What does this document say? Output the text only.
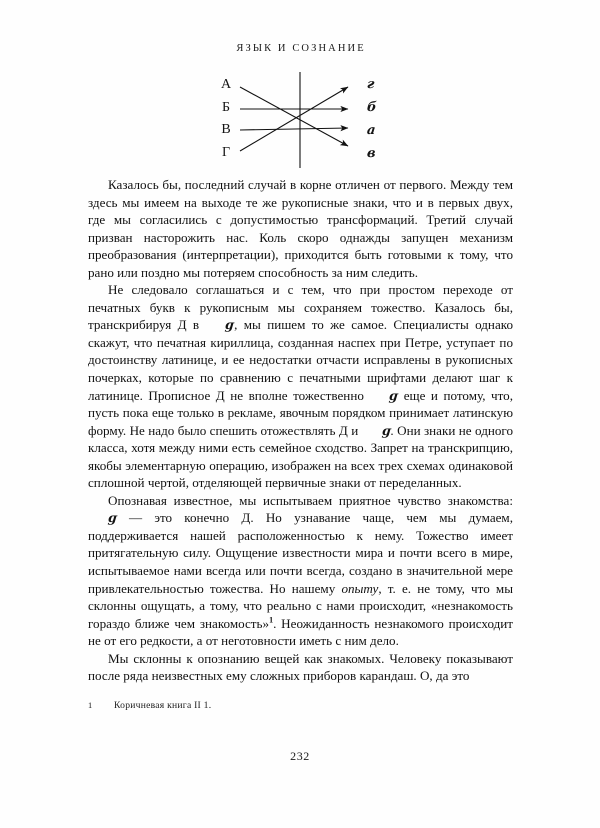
ЯЗЫК И СОЗНАНИЕ
А
Б
В
Г
г
б
а
в

Казалось бы, последний случай в корне отличен от первого. Между тем здесь мы имеем на выходе те же рукописные знаки, что и в первых двух, где мы согласились с допустимостью трансформаций. Третий случай призван насторожить нас. Коль скоро однажды запущен механизм преобразования (интерпретации), приходится быть готовыми к тому, что рано или поздно мы потеряем способность за ним следить.

Не следовало соглашаться и с тем, что при простом переходе от печатных букв к рукописным мы сохраняем тожество. Казалось бы, транскрибируя Д в ɡ, мы пишем то же самое. Специалисты однако скажут, что печатная кириллица, созданная наспех при Петре, уступает по достоинству латинице, и ее недостатки отчасти исправлены в рукописных почерках, которые по сравнению с печатными шрифтами делают шаг к латинице. Прописное Д не вполне тожественно ɡ еще и потому, что, пусть пока еще только в рекламе, явочным порядком принимает латинскую форму. Не надо было спешить отожествлять Д и ɡ. Они знаки не одного класса, хотя между ними есть семейное сходство. Запрет на транскрипцию, якобы элементарную операцию, изображен на всех трех схемах одинаковой сплошной чертой, отделяющей первичные знаки от переделанных.

Опознавая известное, мы испытываем приятное чувство знакомства: ɡ — это конечно Д. Но узнавание чаще, чем мы думаем, поддерживается нашей расположенностью к нему. Тожество имеет притягательную силу. Ощущение известности мира и почти всего в мире, испытываемое нами всегда или почти всегда, создано в значительной мере привлекательностью тожества. Но нашему опыту, т. е. не тому, что мы склонны ощущать, а тому, что реально с нами происходит, «незнакомость гораздо ближе чем знакомость»$^1$. Неожиданность незнакомого происходит не от его редкости, а от неготовности иметь с ним дело.

Мы склонны к опознанию вещей как знакомых. Человеку показывают после ряда неизвестных ему сложных приборов карандаш. О, да это

1 Коричневая книга II 1.
232
